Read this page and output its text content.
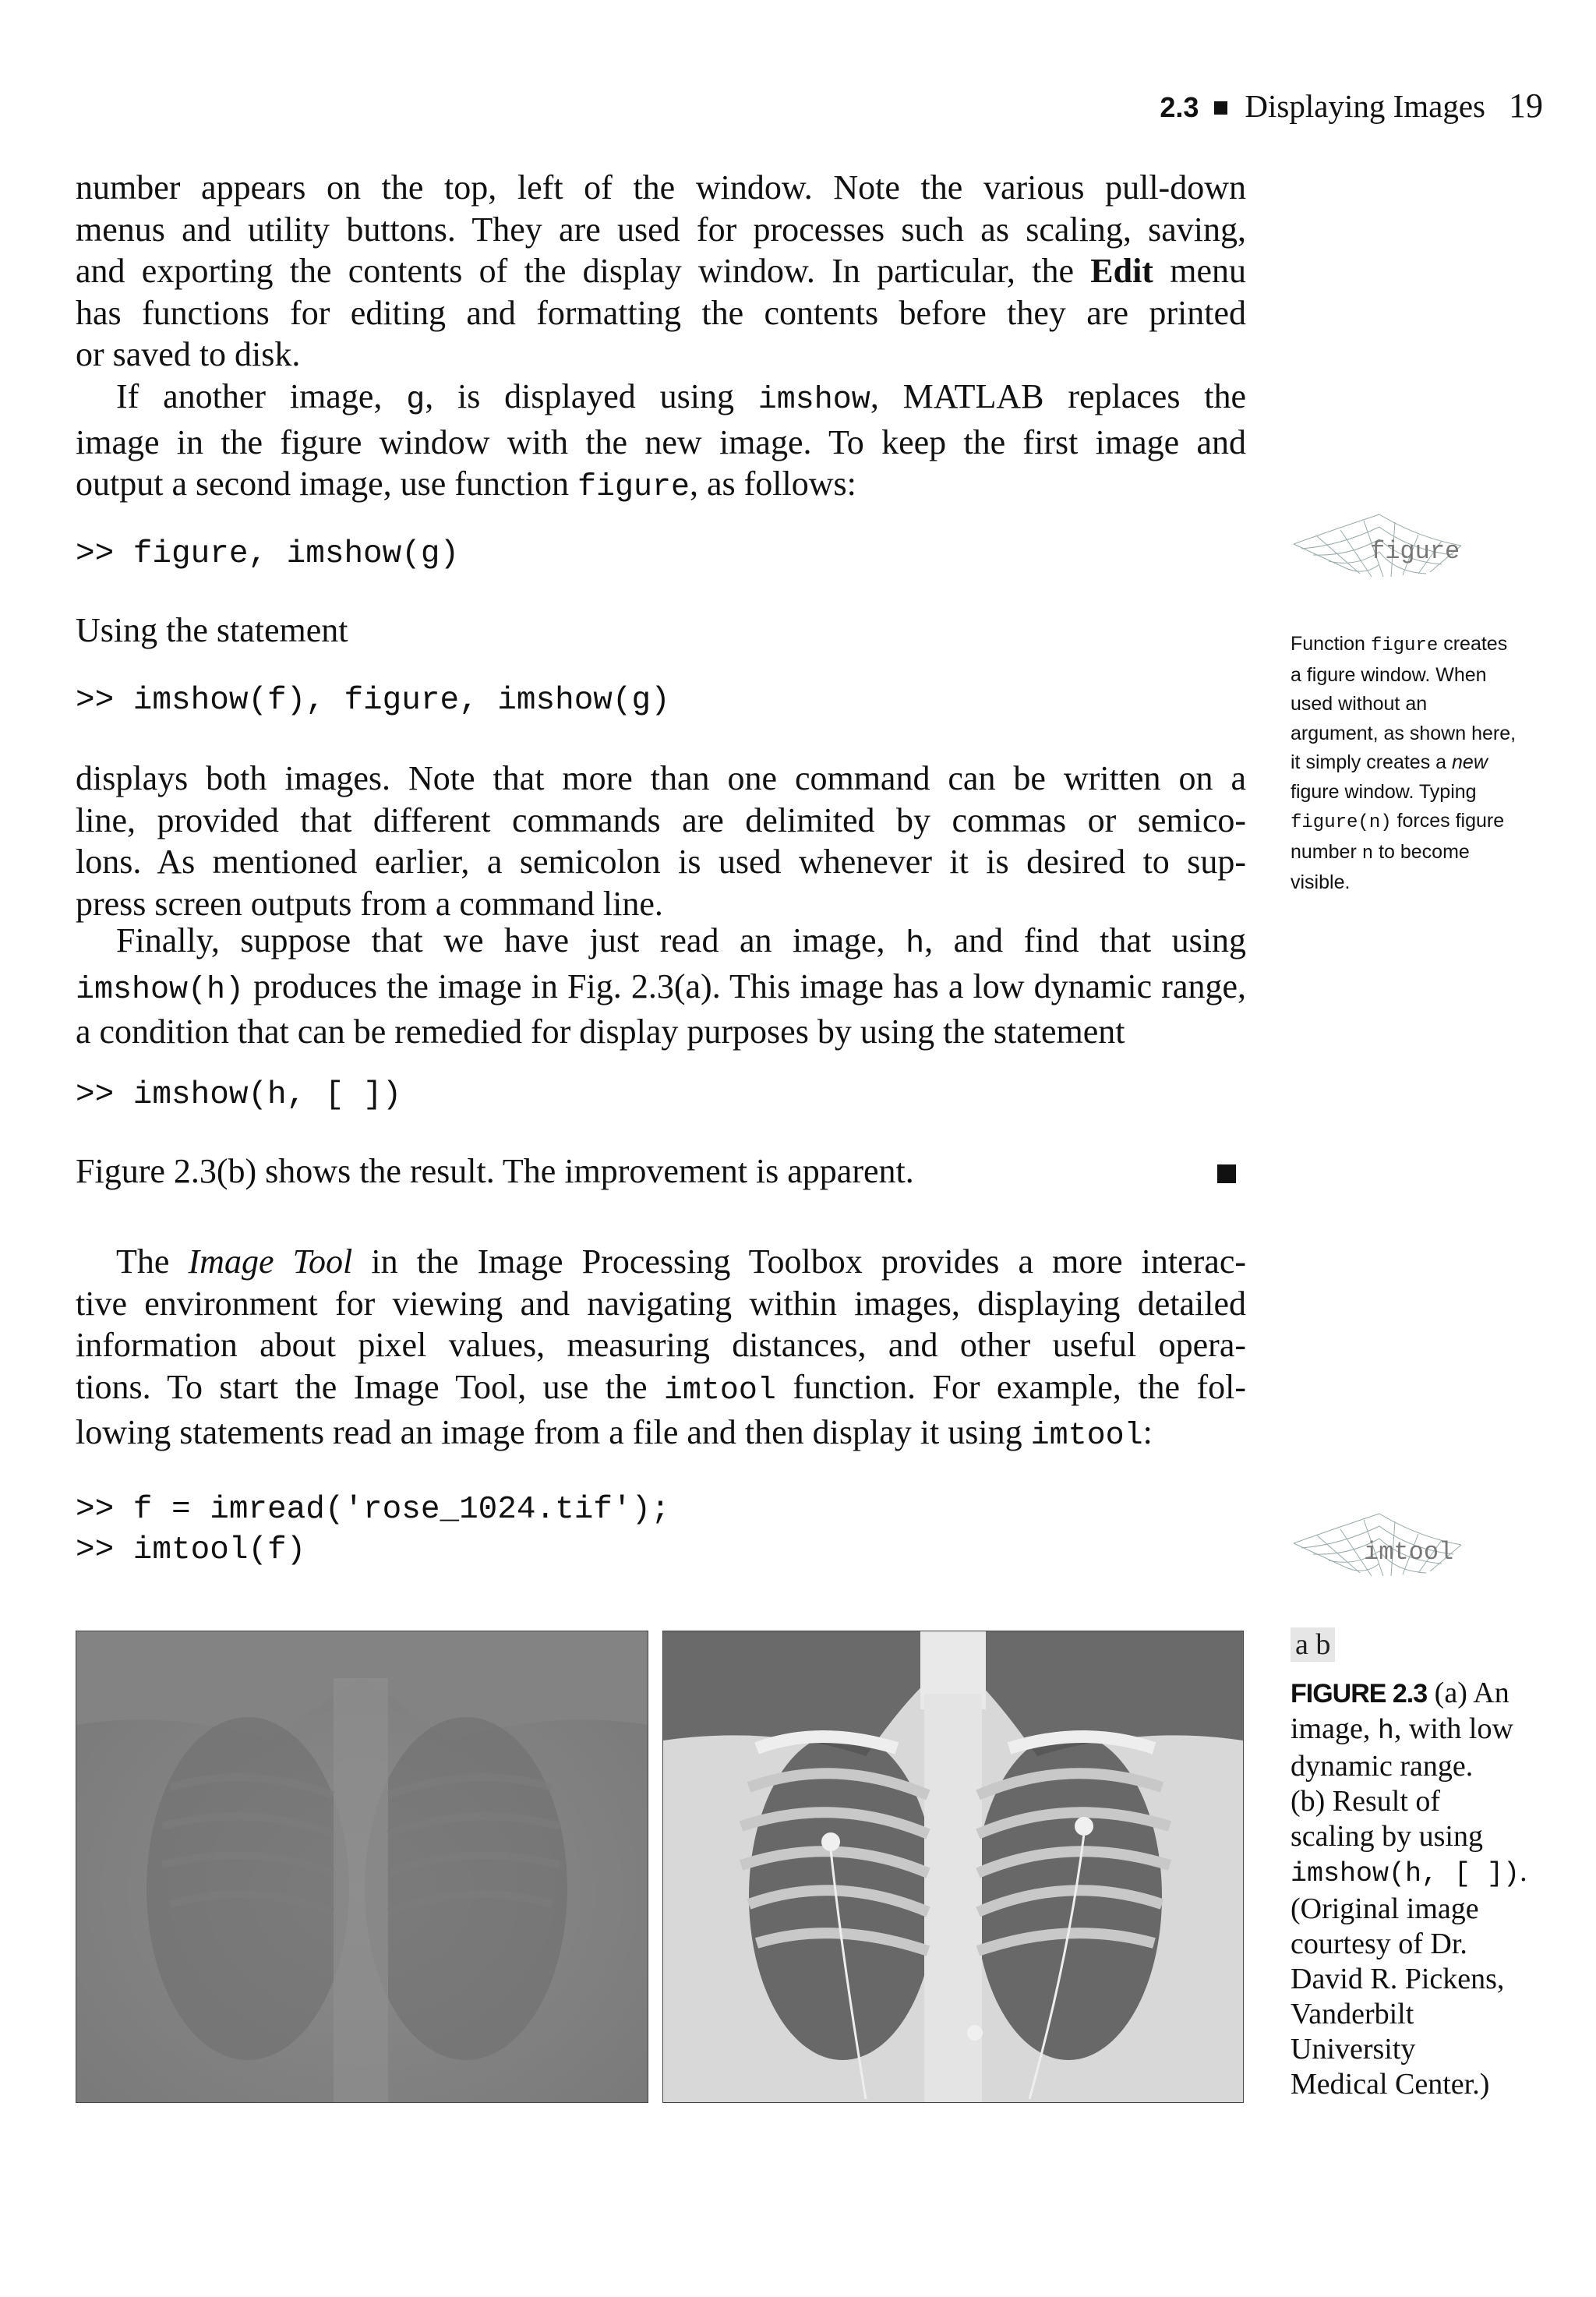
2.3 Displaying Images 19

number appears on the top, left of the window. Note the various pull-down
menus and utility buttons. They are used for processes such as scaling, saving,
and exporting the contents of the display window. In particular, the Edit menu
has functions for editing and formatting the contents before they are printed
or saved to disk.

If another image, g, is displayed using imshow, MATLAB replaces the
image in the figure window with the new image. To keep the first image and
output a second image, use function figure, as follows:

>> figure, imshow(g)

Using the statement

>> imshow(f), figure, imshow(g)

displays both images. Note that more than one command can be written on a
line, provided that different commands are delimited by commas or semico-
lons. As mentioned earlier, a semicolon is used whenever it is desired to sup-
press screen outputs from a command line.

Finally, suppose that we have just read an image, h, and find that using
imshow(h) produces the image in Fig. 2.3(a). This image has a low dynamic range,
a condition that can be remedied for display purposes by using the statement

>> imshow(h, [ ])

Figure 2.3(b) shows the result. The improvement is apparent.

The Image Tool in the Image Processing Toolbox provides a more interac-
tive environment for viewing and navigating within images, displaying detailed
information about pixel values, measuring distances, and other useful opera-
tions. To start the Image Tool, use the imtool function. For example, the fol-
lowing statements read an image from a file and then display it using imtool:

>> f = imread('rose_1024.tif');
>> imtool(f)
figure
Function figure creates
a figure window. When
used without an
argument, as shown here,
it simply creates a new
figure window. Typing
figure(n) forces figure
number n to become
visible.
imtool
a b
FIGURE 2.3 (a) An
image, h, with low
dynamic range.
(b) Result of
scaling by using
imshow(h, [ ]).
(Original image
courtesy of Dr.
David R. Pickens,
Vanderbilt
University
Medical Center.)
